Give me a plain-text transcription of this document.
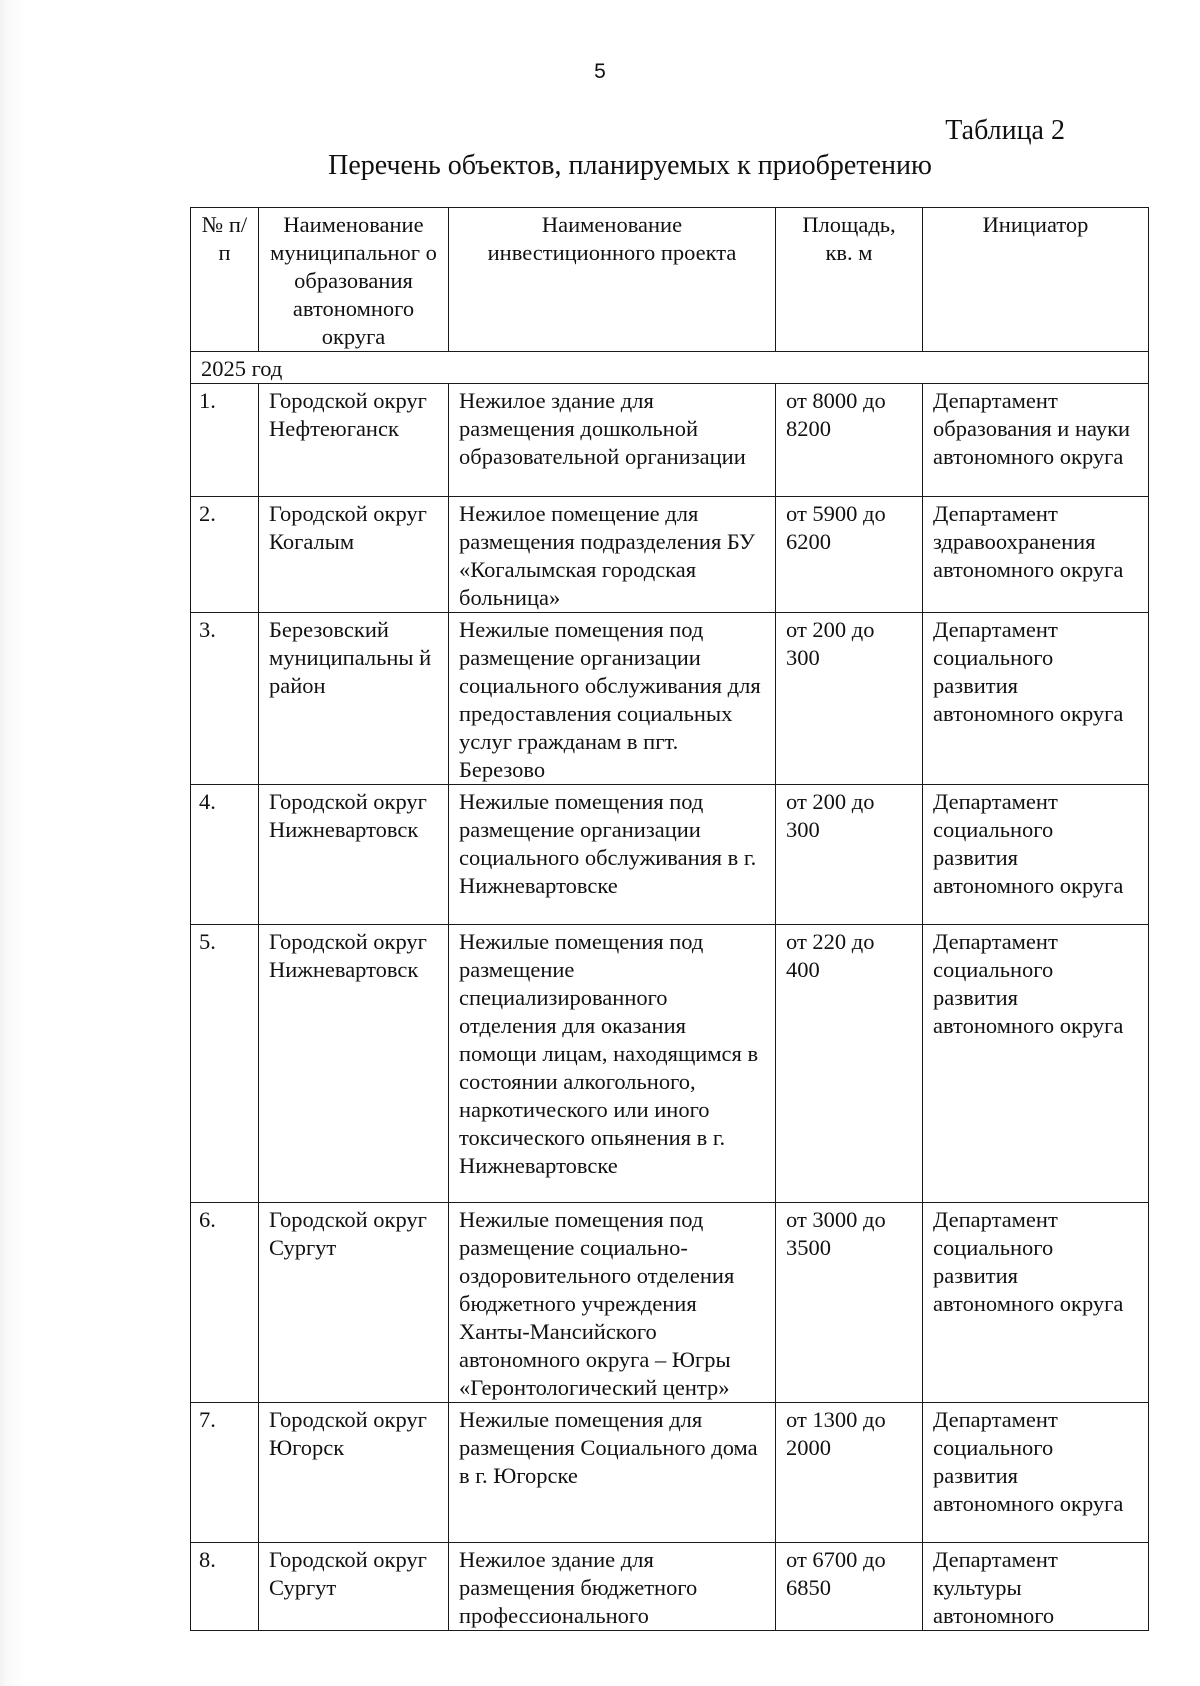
5
Таблица 2
Перечень объектов, планируемых к приобретению
№ п/п	Наименование муниципальног о образования автономного округа	Наименование инвестиционного проекта	Площадь, кв. м	Инициатор
2025 год				
1.	Городской округ Нефтеюганск	Нежилое здание для размещения дошкольной образовательной организации	от 8000 до 8200	Департамент образования и науки автономного округа
2.	Городской округ Когалым	Нежилое помещение для размещения подразделения БУ «Когалымская городская больница»	от 5900 до 6200	Департамент здравоохранения автономного округа
3.	Березовский муниципальны й район	Нежилые помещения под размещение организации социального обслуживания для предоставления социальных услуг гражданам в пгт. Березово	от 200 до 300	Департамент социального развития автономного округа
4.	Городской округ Нижневартовск	Нежилые помещения под размещение организации социального обслуживания в г. Нижневартовске	от 200 до 300	Департамент социального развития автономного округа
5.	Городской округ Нижневартовск	Нежилые помещения под размещение специализированного отделения для оказания помощи лицам, находящимся в состоянии алкогольного, наркотического или иного токсического опьянения в г. Нижневартовске	от 220 до 400	Департамент социального развития автономного округа
6.	Городской округ Сургут	Нежилые помещения под размещение социально-оздоровительного отделения бюджетного учреждения Ханты-Мансийского автономного округа – Югры «Геронтологический центр»	от 3000 до 3500	Департамент социального развития автономного округа
7.	Городской округ Югорск	Нежилые помещения для размещения Социального дома в г. Югорске	от 1300 до 2000	Департамент социального развития автономного округа
8.	Городской округ Сургут	Нежилое здание для размещения бюджетного профессионального	от 6700 до 6850	Департамент культуры автономного
